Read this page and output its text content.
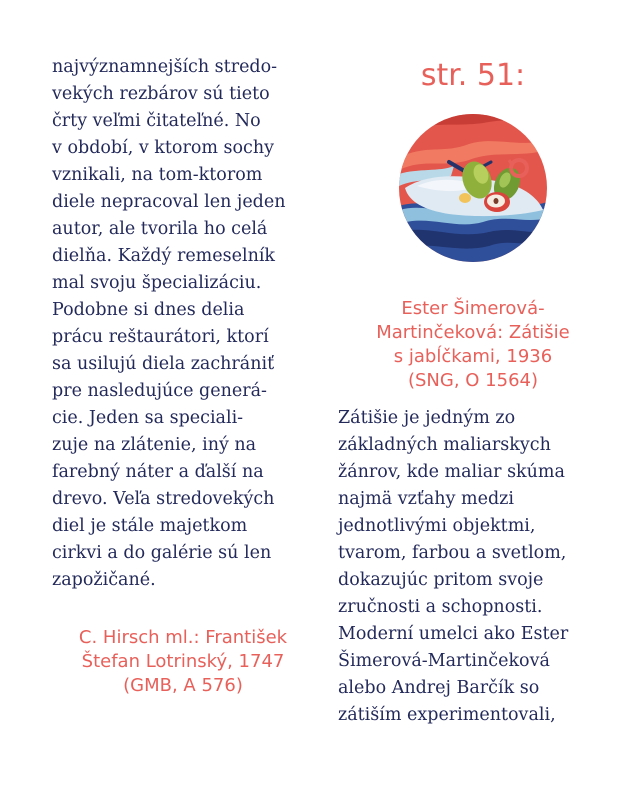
najvýznamnejších stredo-
vekých rezbárov sú tieto
črty veľmi čitateľné. No
v období, v ktorom sochy
vznikali, na tom-ktorom
diele nepracoval len jeden
autor, ale tvorila ho celá
dielňa. Každý remeselník
mal svoju špecializáciu.
Podobne si dnes delia
prácu reštaurátori, ktorí
sa usilujú diela zachrániť
pre nasledujúce generá-
cie. Jeden sa speciali-
zuje na zlátenie, iný na
farebný náter a ďalší na
drevo. Veľa stredovekých
diel je stále majetkom
cirkvi a do galérie sú len
zapožičané.

C. Hirsch ml.: František
Štefan Lotrinský, 1747
(GMB, A 576)

str. 51:

Ester Šimerová-
Martinčeková: Zátišie
s jabĺčkami, 1936
(SNG, O 1564)

Zátišie je jedným zo
základných maliarskych
žánrov, kde maliar skúma
najmä vzťahy medzi
jednotlivými objektmi,
tvarom, farbou a svetlom,
dokazujúc pritom svoje
zručnosti a schopnosti.
Moderní umelci ako Ester
Šimerová-Martinčeková
alebo Andrej Barčík so
zátiším experimentovali,
